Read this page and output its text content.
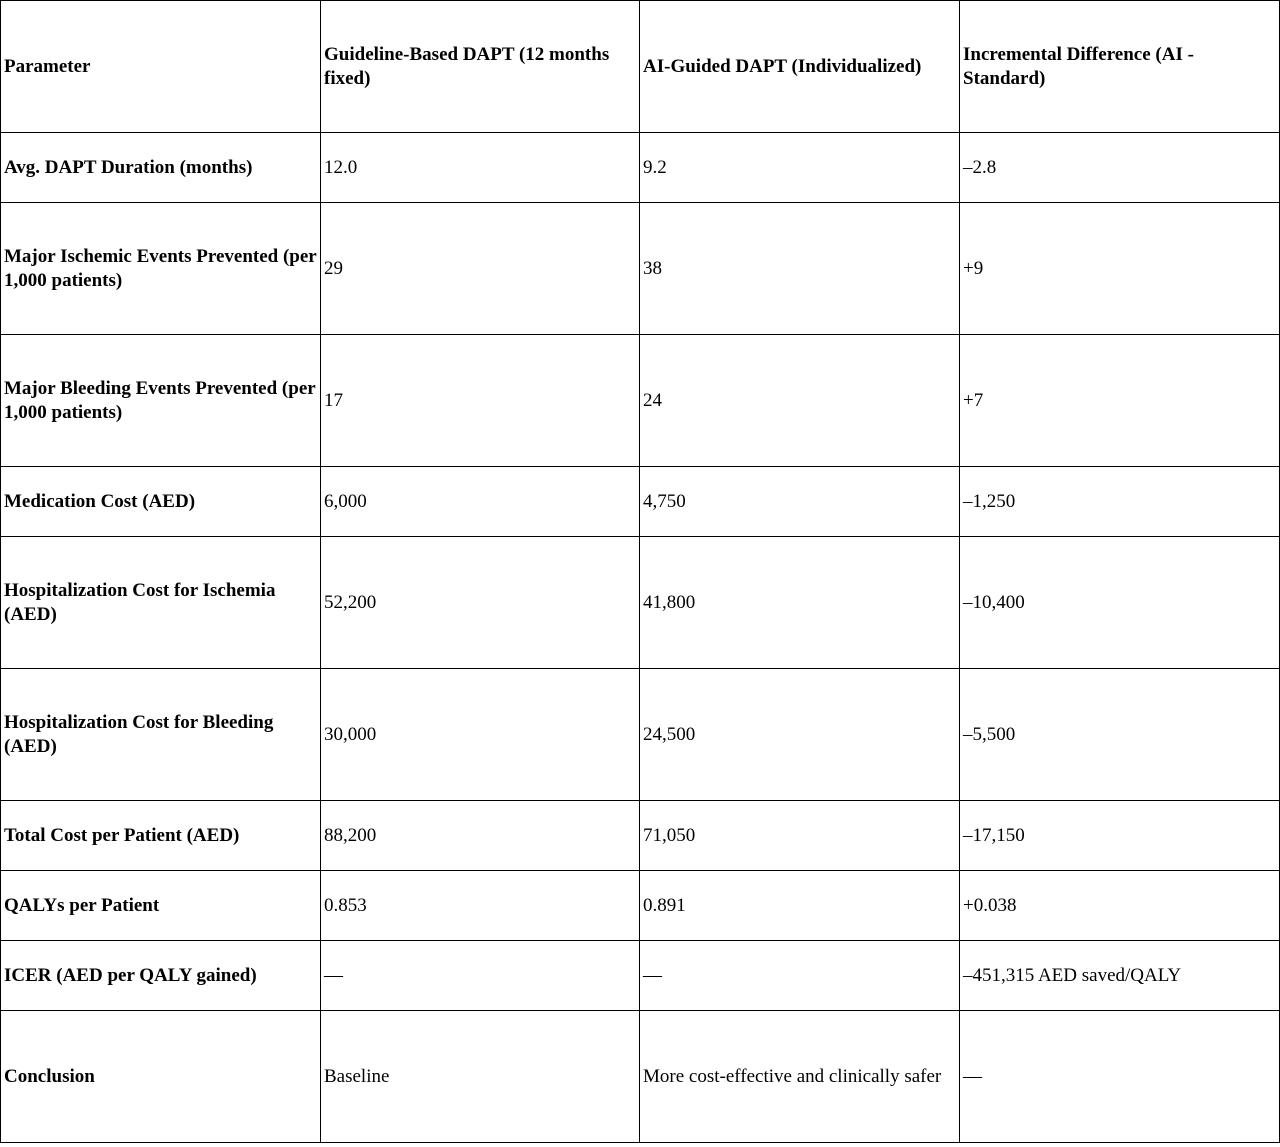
Parameter	Guideline-Based DAPT (12 months fixed)	AI-Guided DAPT (Individualized)	Incremental Difference (AI - Standard)
Avg. DAPT Duration (months)	12.0	9.2	–2.8
Major Ischemic Events Prevented (per 1,000 patients)	29	38	+9
Major Bleeding Events Prevented (per 1,000 patients)	17	24	+7
Medication Cost (AED)	6,000	4,750	–1,250
Hospitalization Cost for Ischemia (AED)	52,200	41,800	–10,400
Hospitalization Cost for Bleeding (AED)	30,000	24,500	–5,500
Total Cost per Patient (AED)	88,200	71,050	–17,150
QALYs per Patient	0.853	0.891	+0.038
ICER (AED per QALY gained)	—	—	–451,315 AED saved/QALY
Conclusion	Baseline	More cost-effective and clinically safer	—
